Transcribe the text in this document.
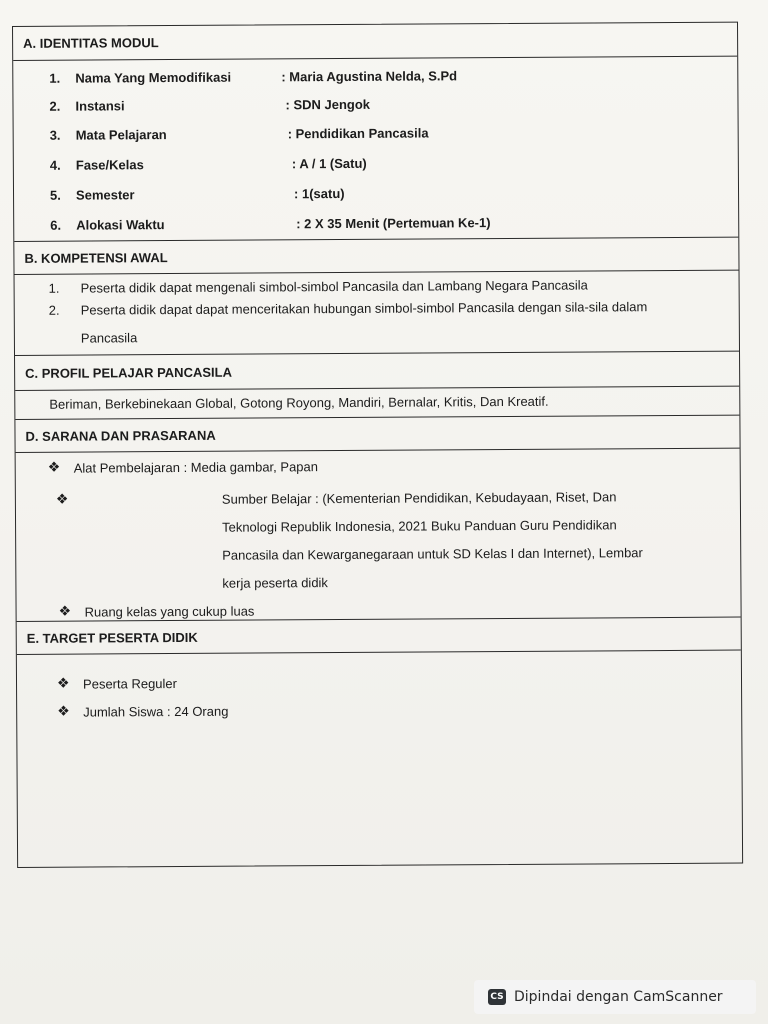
A. IDENTITAS MODUL
1. Nama Yang Memodifikasi	: Maria Agustina Nelda, S.Pd
2. Instansi	: SDN Jengok
3. Mata Pelajaran	: Pendidikan Pancasila
4. Fase/Kelas	: A / 1 (Satu)
5. Semester	: 1(satu)
6. Alokasi Waktu	: 2 X 35 Menit (Pertemuan Ke-1)
B. KOMPETENSI AWAL
1. Peserta didik dapat mengenali simbol-simbol Pancasila dan Lambang Negara Pancasila
2. Peserta didik dapat dapat menceritakan hubungan simbol-simbol Pancasila dengan sila-sila dalam
Pancasila
C. PROFIL PELAJAR PANCASILA
Beriman, Berkebinekaan Global, Gotong Royong, Mandiri, Bernalar, Kritis, Dan Kreatif.
D. SARANA DAN PRASARANA
❖ Alat Pembelajaran : Media gambar, Papan
❖	Sumber Belajar : (Kementerian Pendidikan, Kebudayaan, Riset, Dan
Teknologi Republik Indonesia, 2021 Buku Panduan Guru Pendidikan
Pancasila dan Kewarganegaraan untuk SD Kelas I dan Internet), Lembar
kerja peserta didik
❖ Ruang kelas yang cukup luas
E. TARGET PESERTA DIDIK
❖ Peserta Reguler
❖ Jumlah Siswa : 24 Orang
CS Dipindai dengan CamScanner
